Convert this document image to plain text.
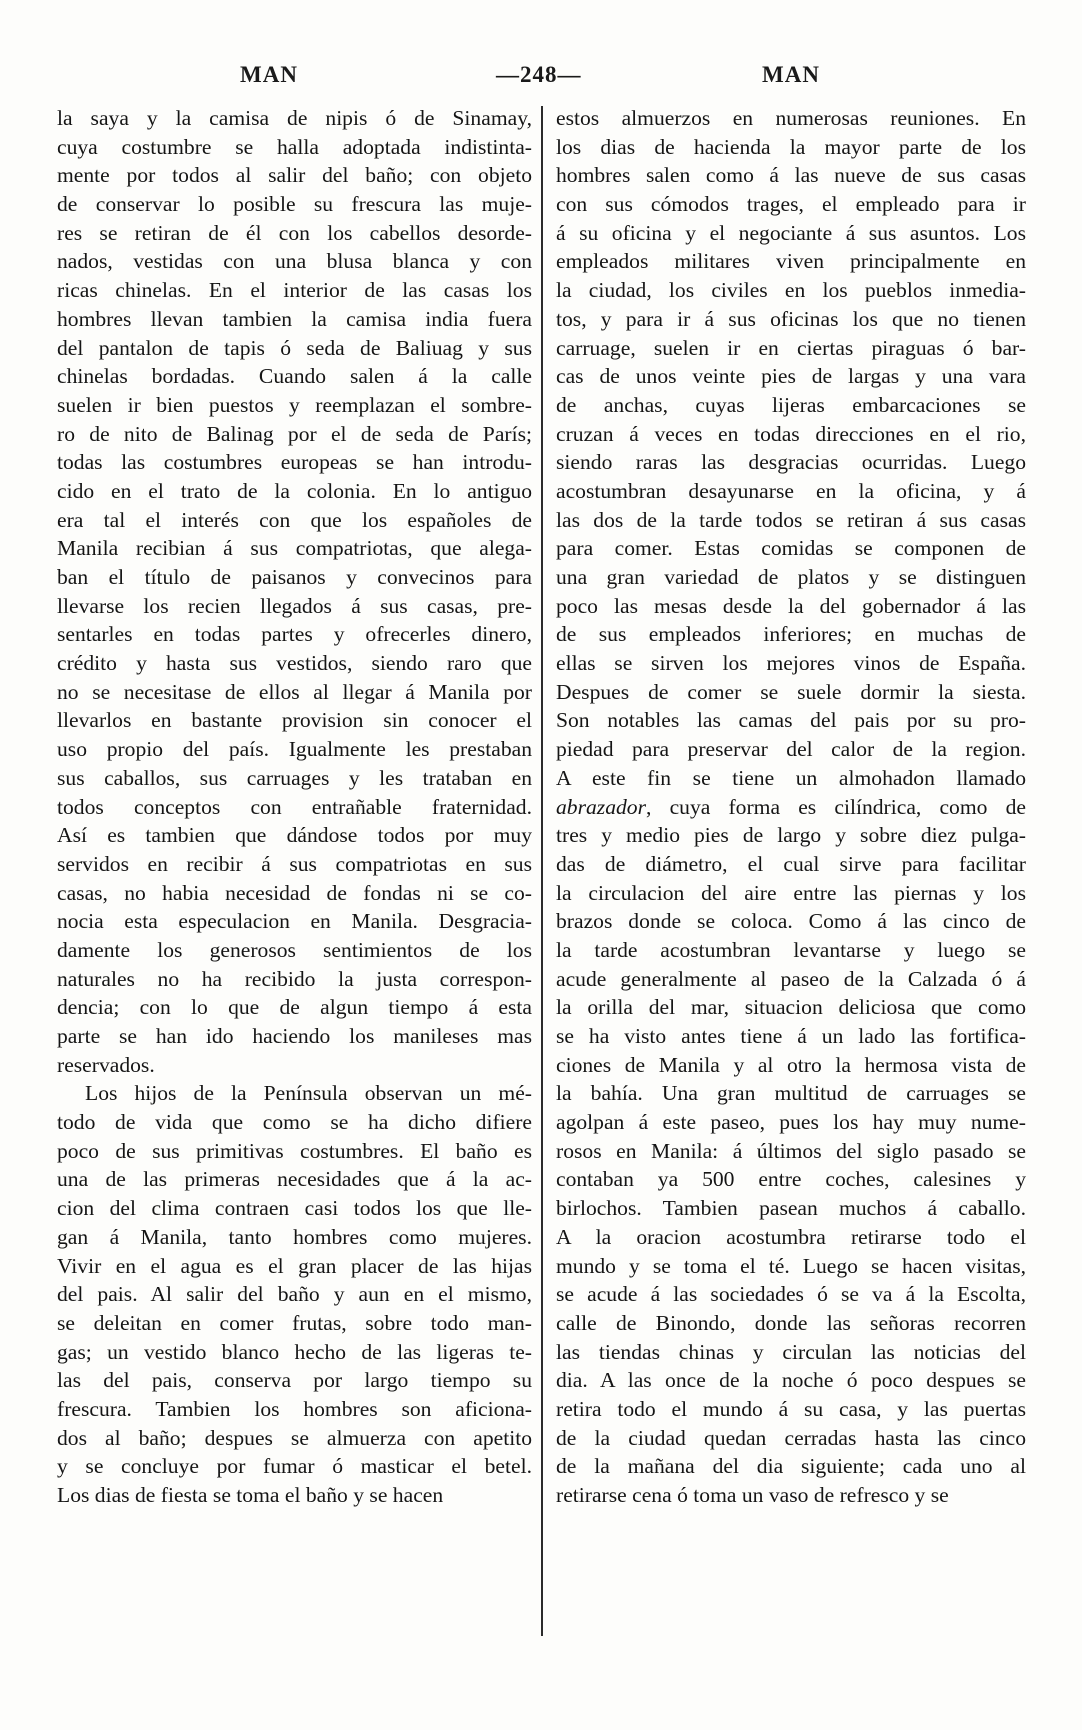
MAN	—248—	MAN
la saya y la camisa de nipis ó de Sinamay,
cuya costumbre se halla adoptada indistinta-
mente por todos al salir del baño; con objeto
de conservar lo posible su frescura las muje-
res se retiran de él con los cabellos desorde-
nados, vestidas con una blusa blanca y con
ricas chinelas. En el interior de las casas los
hombres llevan tambien la camisa india fuera
del pantalon de tapis ó seda de Baliuag y sus
chinelas bordadas. Cuando salen á la calle
suelen ir bien puestos y reemplazan el sombre-
ro de nito de Balinag por el de seda de París;
todas las costumbres europeas se han introdu-
cido en el trato de la colonia. En lo antiguo
era tal el interés con que los españoles de
Manila recibian á sus compatriotas, que alega-
ban el título de paisanos y convecinos para
llevarse los recien llegados á sus casas, pre-
sentarles en todas partes y ofrecerles dinero,
crédito y hasta sus vestidos, siendo raro que
no se necesitase de ellos al llegar á Manila por
llevarlos en bastante provision sin conocer el
uso propio del país. Igualmente les prestaban
sus caballos, sus carruages y les trataban en
todos conceptos con entrañable fraternidad.
Así es tambien que dándose todos por muy
servidos en recibir á sus compatriotas en sus
casas, no habia necesidad de fondas ni se co-
nocia esta especulacion en Manila. Desgracia-
damente los generosos sentimientos de los
naturales no ha recibido la justa correspon-
dencia; con lo que de algun tiempo á esta
parte se han ido haciendo los manileses mas
reservados.
Los hijos de la Península observan un mé-
todo de vida que como se ha dicho difiere
poco de sus primitivas costumbres. El baño es
una de las primeras necesidades que á la ac-
cion del clima contraen casi todos los que lle-
gan á Manila, tanto hombres como mujeres.
Vivir en el agua es el gran placer de las hijas
del pais. Al salir del baño y aun en el mismo,
se deleitan en comer frutas, sobre todo man-
gas; un vestido blanco hecho de las ligeras te-
las del pais, conserva por largo tiempo su
frescura. Tambien los hombres son aficiona-
dos al baño; despues se almuerza con apetito
y se concluye por fumar ó masticar el betel.
Los dias de fiesta se toma el baño y se hacen
estos almuerzos en numerosas reuniones. En
los dias de hacienda la mayor parte de los
hombres salen como á las nueve de sus casas
con sus cómodos trages, el empleado para ir
á su oficina y el negociante á sus asuntos. Los
empleados militares viven principalmente en
la ciudad, los civiles en los pueblos inmedia-
tos, y para ir á sus oficinas los que no tienen
carruage, suelen ir en ciertas piraguas ó bar-
cas de unos veinte pies de largas y una vara
de anchas, cuyas lijeras embarcaciones se
cruzan á veces en todas direcciones en el rio,
siendo raras las desgracias ocurridas. Luego
acostumbran desayunarse en la oficina, y á
las dos de la tarde todos se retiran á sus casas
para comer. Estas comidas se componen de
una gran variedad de platos y se distinguen
poco las mesas desde la del gobernador á las
de sus empleados inferiores; en muchas de
ellas se sirven los mejores vinos de España.
Despues de comer se suele dormir la siesta.
Son notables las camas del pais por su pro-
piedad para preservar del calor de la region.
A este fin se tiene un almohadon llamado
abrazador, cuya forma es cilíndrica, como de
tres y medio pies de largo y sobre diez pulga-
das de diámetro, el cual sirve para facilitar
la circulacion del aire entre las piernas y los
brazos donde se coloca. Como á las cinco de
la tarde acostumbran levantarse y luego se
acude generalmente al paseo de la Calzada ó á
la orilla del mar, situacion deliciosa que como
se ha visto antes tiene á un lado las fortifica-
ciones de Manila y al otro la hermosa vista de
la bahía. Una gran multitud de carruages se
agolpan á este paseo, pues los hay muy nume-
rosos en Manila: á últimos del siglo pasado se
contaban ya 500 entre coches, calesines y
birlochos. Tambien pasean muchos á caballo.
A la oracion acostumbra retirarse todo el
mundo y se toma el té. Luego se hacen visitas,
se acude á las sociedades ó se va á la Escolta,
calle de Binondo, donde las señoras recorren
las tiendas chinas y circulan las noticias del
dia. A las once de la noche ó poco despues se
retira todo el mundo á su casa, y las puertas
de la ciudad quedan cerradas hasta las cinco
de la mañana del dia siguiente; cada uno al
retirarse cena ó toma un vaso de refresco y se
